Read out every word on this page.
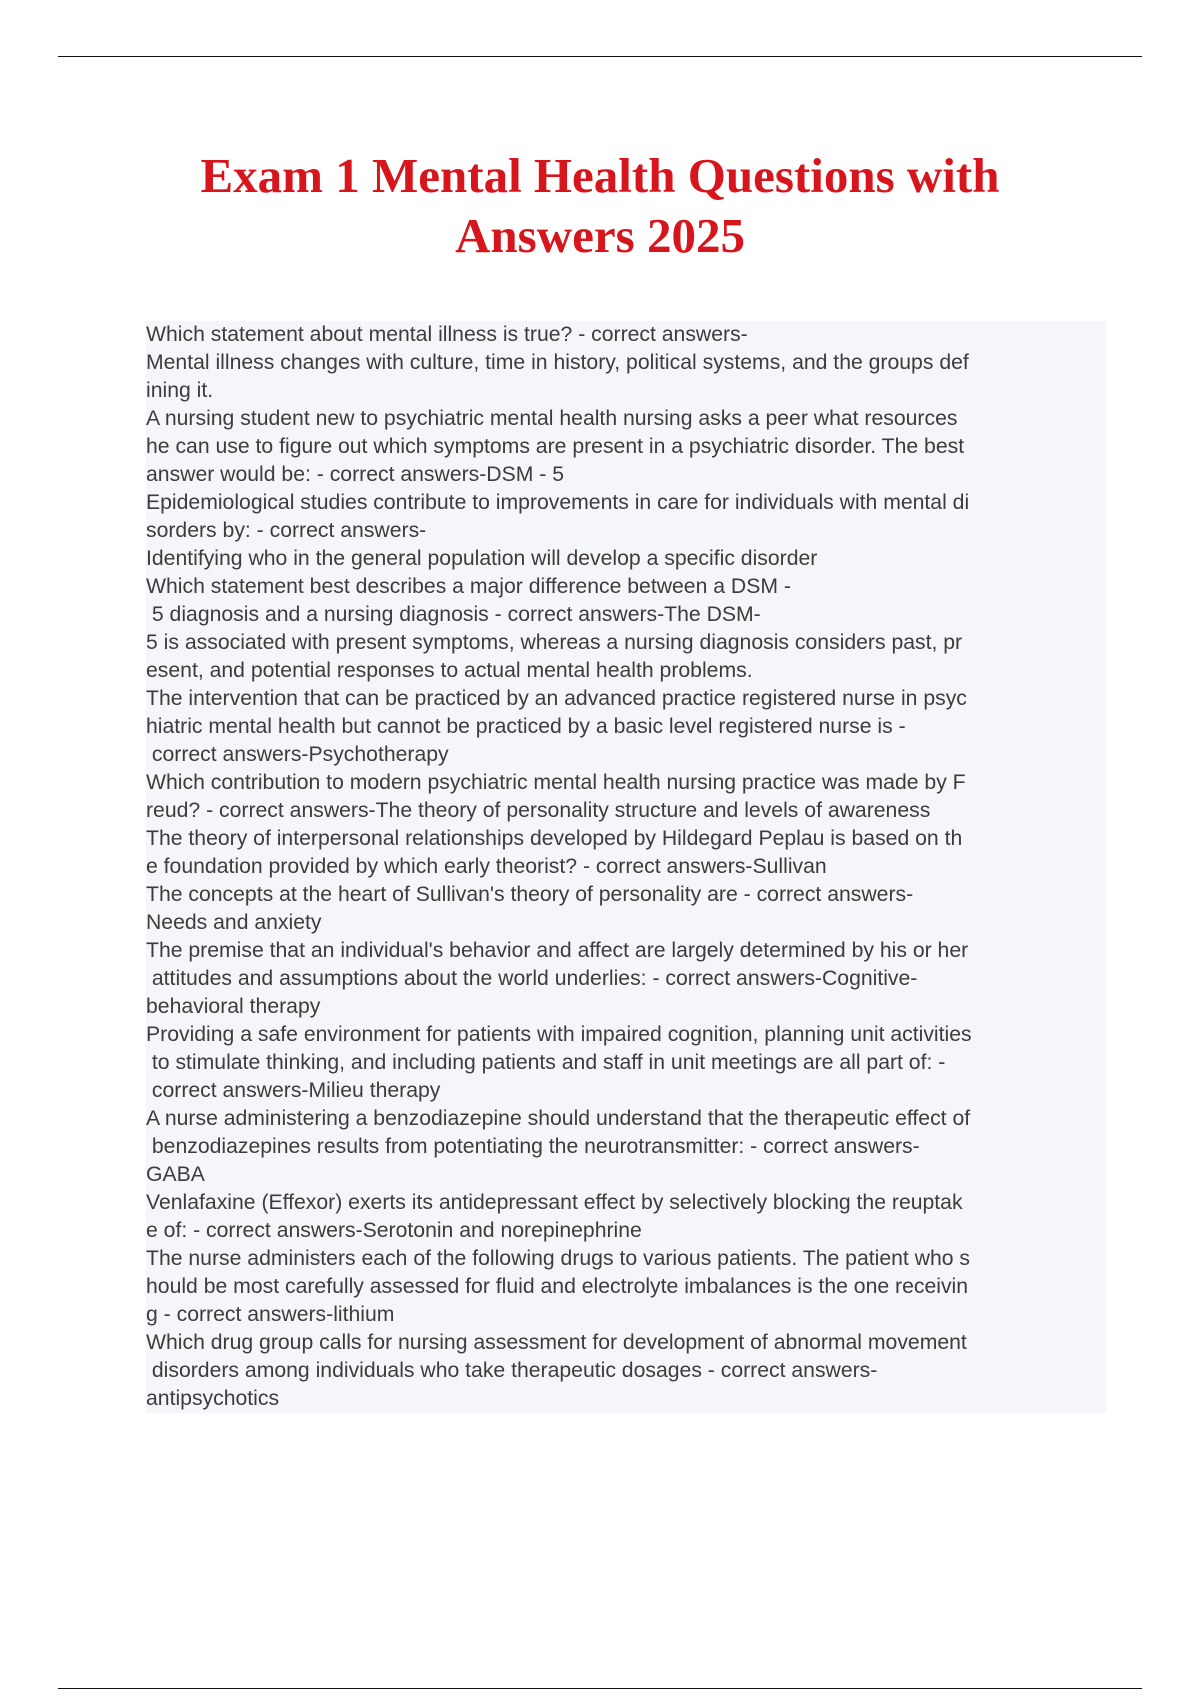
Exam 1 Mental Health Questions with
Answers 2025
Which statement about mental illness is true? - correct answers-
Mental illness changes with culture, time in history, political systems, and the groups def
ining it.
A nursing student new to psychiatric mental health nursing asks a peer what resources
he can use to figure out which symptoms are present in a psychiatric disorder. The best
answer would be: - correct answers-DSM - 5
Epidemiological studies contribute to improvements in care for individuals with mental di
sorders by: - correct answers-
Identifying who in the general population will develop a specific disorder
Which statement best describes a major difference between a DSM -
5 diagnosis and a nursing diagnosis - correct answers-The DSM-
5 is associated with present symptoms, whereas a nursing diagnosis considers past, pr
esent, and potential responses to actual mental health problems.
The intervention that can be practiced by an advanced practice registered nurse in psyc
hiatric mental health but cannot be practiced by a basic level registered nurse is -
correct answers-Psychotherapy
Which contribution to modern psychiatric mental health nursing practice was made by F
reud? - correct answers-The theory of personality structure and levels of awareness
The theory of interpersonal relationships developed by Hildegard Peplau is based on th
e foundation provided by which early theorist? - correct answers-Sullivan
The concepts at the heart of Sullivan's theory of personality are - correct answers-
Needs and anxiety
The premise that an individual's behavior and affect are largely determined by his or her
attitudes and assumptions about the world underlies: - correct answers-Cognitive-
behavioral therapy
Providing a safe environment for patients with impaired cognition, planning unit activities
to stimulate thinking, and including patients and staff in unit meetings are all part of: -
correct answers-Milieu therapy
A nurse administering a benzodiazepine should understand that the therapeutic effect of
benzodiazepines results from potentiating the neurotransmitter: - correct answers-
GABA
Venlafaxine (Effexor) exerts its antidepressant effect by selectively blocking the reuptak
e of: - correct answers-Serotonin and norepinephrine
The nurse administers each of the following drugs to various patients. The patient who s
hould be most carefully assessed for fluid and electrolyte imbalances is the one receivin
g - correct answers-lithium
Which drug group calls for nursing assessment for development of abnormal movement
disorders among individuals who take therapeutic dosages - correct answers-
antipsychotics
